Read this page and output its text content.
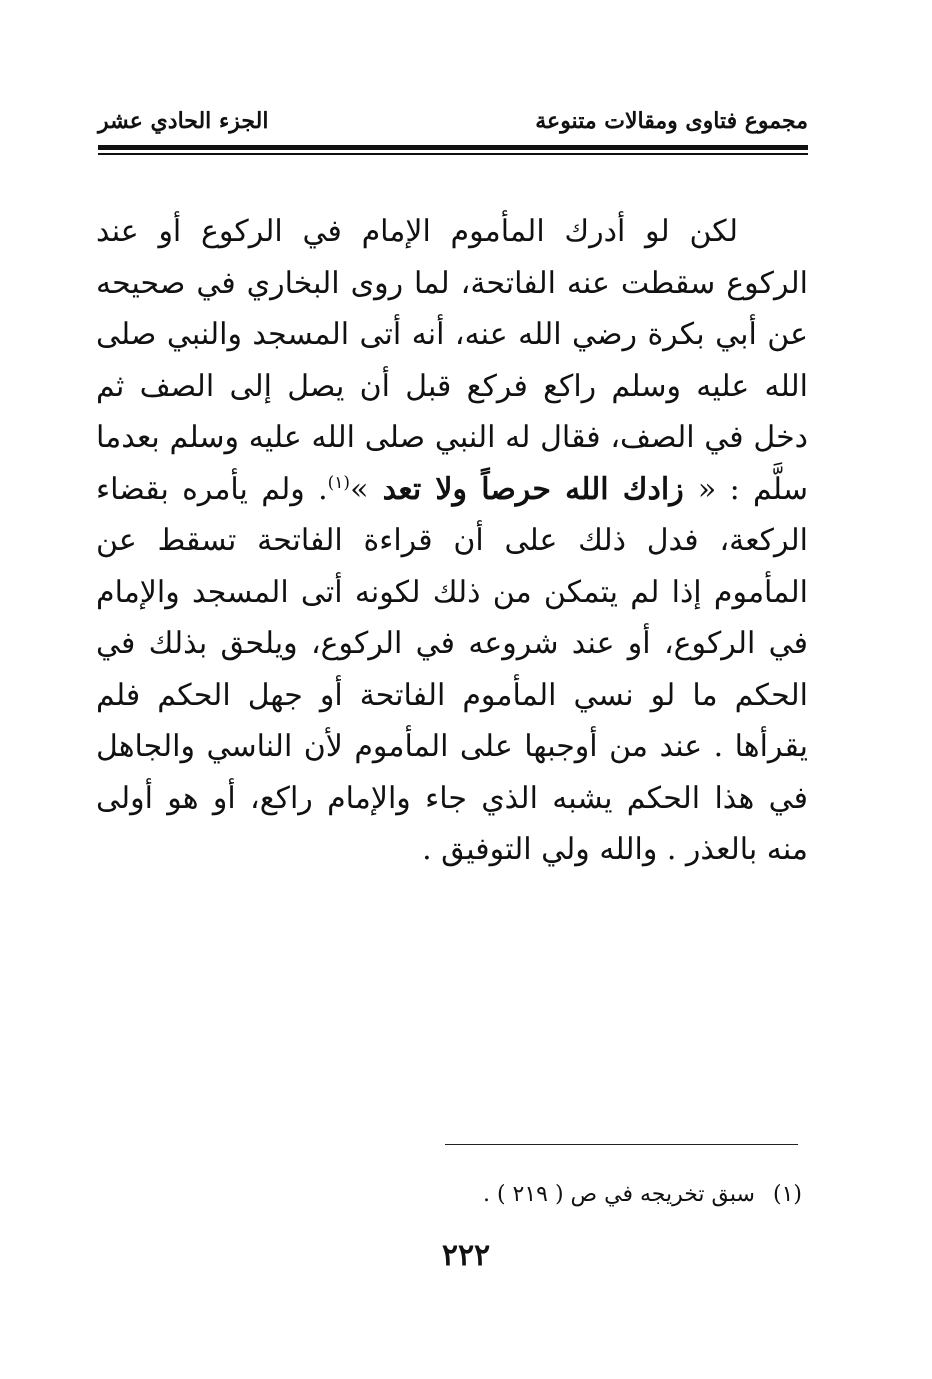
مجموع فتاوى ومقالات متنوعة
الجزء الحادي عشر

لكن لو أدرك المأموم الإمام في الركوع أو عند الركوع سقطت عنه الفاتحة، لما روى البخاري في صحيحه عن أبي بكرة رضي الله عنه، أنه أتى المسجد والنبي صلى الله عليه وسلم راكع فركع قبل أن يصل إلى الصف ثم دخل في الصف، فقال له النبي صلى الله عليه وسلم بعدما سلَّم : « زادك الله حرصاً ولا تعد »$^{(١)}$. ولم يأمره بقضاء الركعة، فدل ذلك على أن قراءة الفاتحة تسقط عن المأموم إذا لم يتمكن من ذلك لكونه أتى المسجد والإمام في الركوع، أو عند شروعه في الركوع، ويلحق بذلك في الحكم ما لو نسي المأموم الفاتحة أو جهل الحكم فلم يقرأها . عند من أوجبها على المأموم لأن الناسي والجاهل في هذا الحكم يشبه الذي جاء والإمام راكع، أو هو أولى منه بالعذر . والله ولي التوفيق .

(١)سبق تخريجه في ص ( ٢١٩ ) .
٢٢٢
